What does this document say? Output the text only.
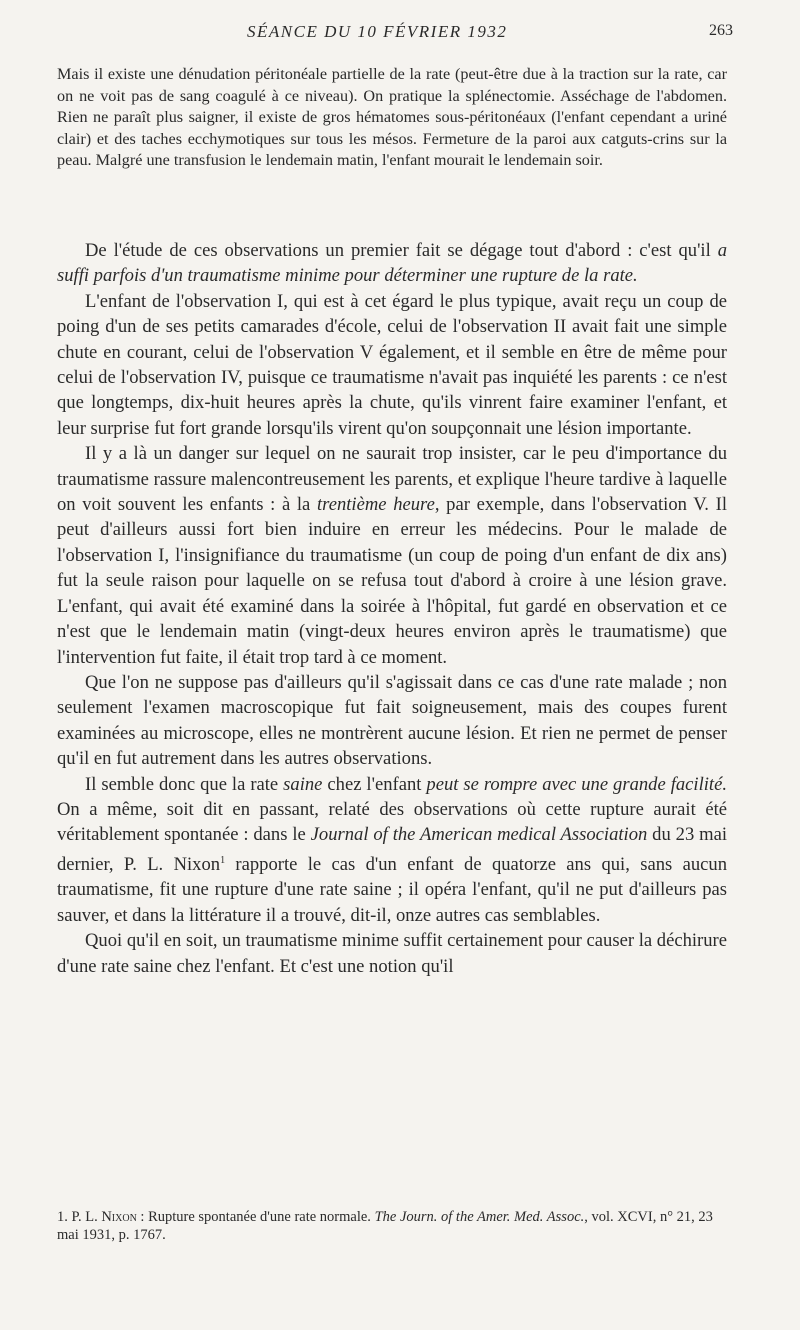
SÉANCE DU 10 FÉVRIER 1932	263

Mais il existe une dénudation péritonéale partielle de la rate (peut-être due à la traction sur la rate, car on ne voit pas de sang coagulé à ce niveau). On pratique la splénectomie. Asséchage de l'abdomen. Rien ne paraît plus saigner, il existe de gros hématomes sous-péritonéaux (l'enfant cependant a uriné clair) et des taches ecchymotiques sur tous les mésos. Fermeture de la paroi aux catguts-crins sur la peau. Malgré une transfusion le lendemain matin, l'enfant mourait le lendemain soir.

De l'étude de ces observations un premier fait se dégage tout d'abord : c'est qu'il a suffi parfois d'un traumatisme minime pour déterminer une rupture de la rate.

L'enfant de l'observation I, qui est à cet égard le plus typique, avait reçu un coup de poing d'un de ses petits camarades d'école, celui de l'observation II avait fait une simple chute en courant, celui de l'observation V également, et il semble en être de même pour celui de l'observation IV, puisque ce traumatisme n'avait pas inquiété les parents : ce n'est que longtemps, dix-huit heures après la chute, qu'ils vinrent faire examiner l'enfant, et leur surprise fut fort grande lorsqu'ils virent qu'on soupçonnait une lésion importante.

Il y a là un danger sur lequel on ne saurait trop insister, car le peu d'importance du traumatisme rassure malencontreusement les parents, et explique l'heure tardive à laquelle on voit souvent les enfants : à la trentième heure, par exemple, dans l'observation V. Il peut d'ailleurs aussi fort bien induire en erreur les médecins. Pour le malade de l'observation I, l'insignifiance du traumatisme (un coup de poing d'un enfant de dix ans) fut la seule raison pour laquelle on se refusa tout d'abord à croire à une lésion grave. L'enfant, qui avait été examiné dans la soirée à l'hôpital, fut gardé en observation et ce n'est que le lendemain matin (vingt-deux heures environ après le traumatisme) que l'intervention fut faite, il était trop tard à ce moment.

Que l'on ne suppose pas d'ailleurs qu'il s'agissait dans ce cas d'une rate malade ; non seulement l'examen macroscopique fut fait soigneusement, mais des coupes furent examinées au microscope, elles ne montrèrent aucune lésion. Et rien ne permet de penser qu'il en fut autrement dans les autres observations.

Il semble donc que la rate saine chez l'enfant peut se rompre avec une grande facilité. On a même, soit dit en passant, relaté des observations où cette rupture aurait été véritablement spontanée : dans le Journal of the American medical Association du 23 mai dernier, P. L. Nixon$^1$ rapporte le cas d'un enfant de quatorze ans qui, sans aucun traumatisme, fit une rupture d'une rate saine ; il opéra l'enfant, qu'il ne put d'ailleurs pas sauver, et dans la littérature il a trouvé, dit-il, onze autres cas semblables.

Quoi qu'il en soit, un traumatisme minime suffit certainement pour causer la déchirure d'une rate saine chez l'enfant. Et c'est une notion qu'il

1. P. L. Nixon : Rupture spontanée d'une rate normale. The Journ. of the Amer. Med. Assoc., vol. XCVI, n° 21, 23 mai 1931, p. 1767.
